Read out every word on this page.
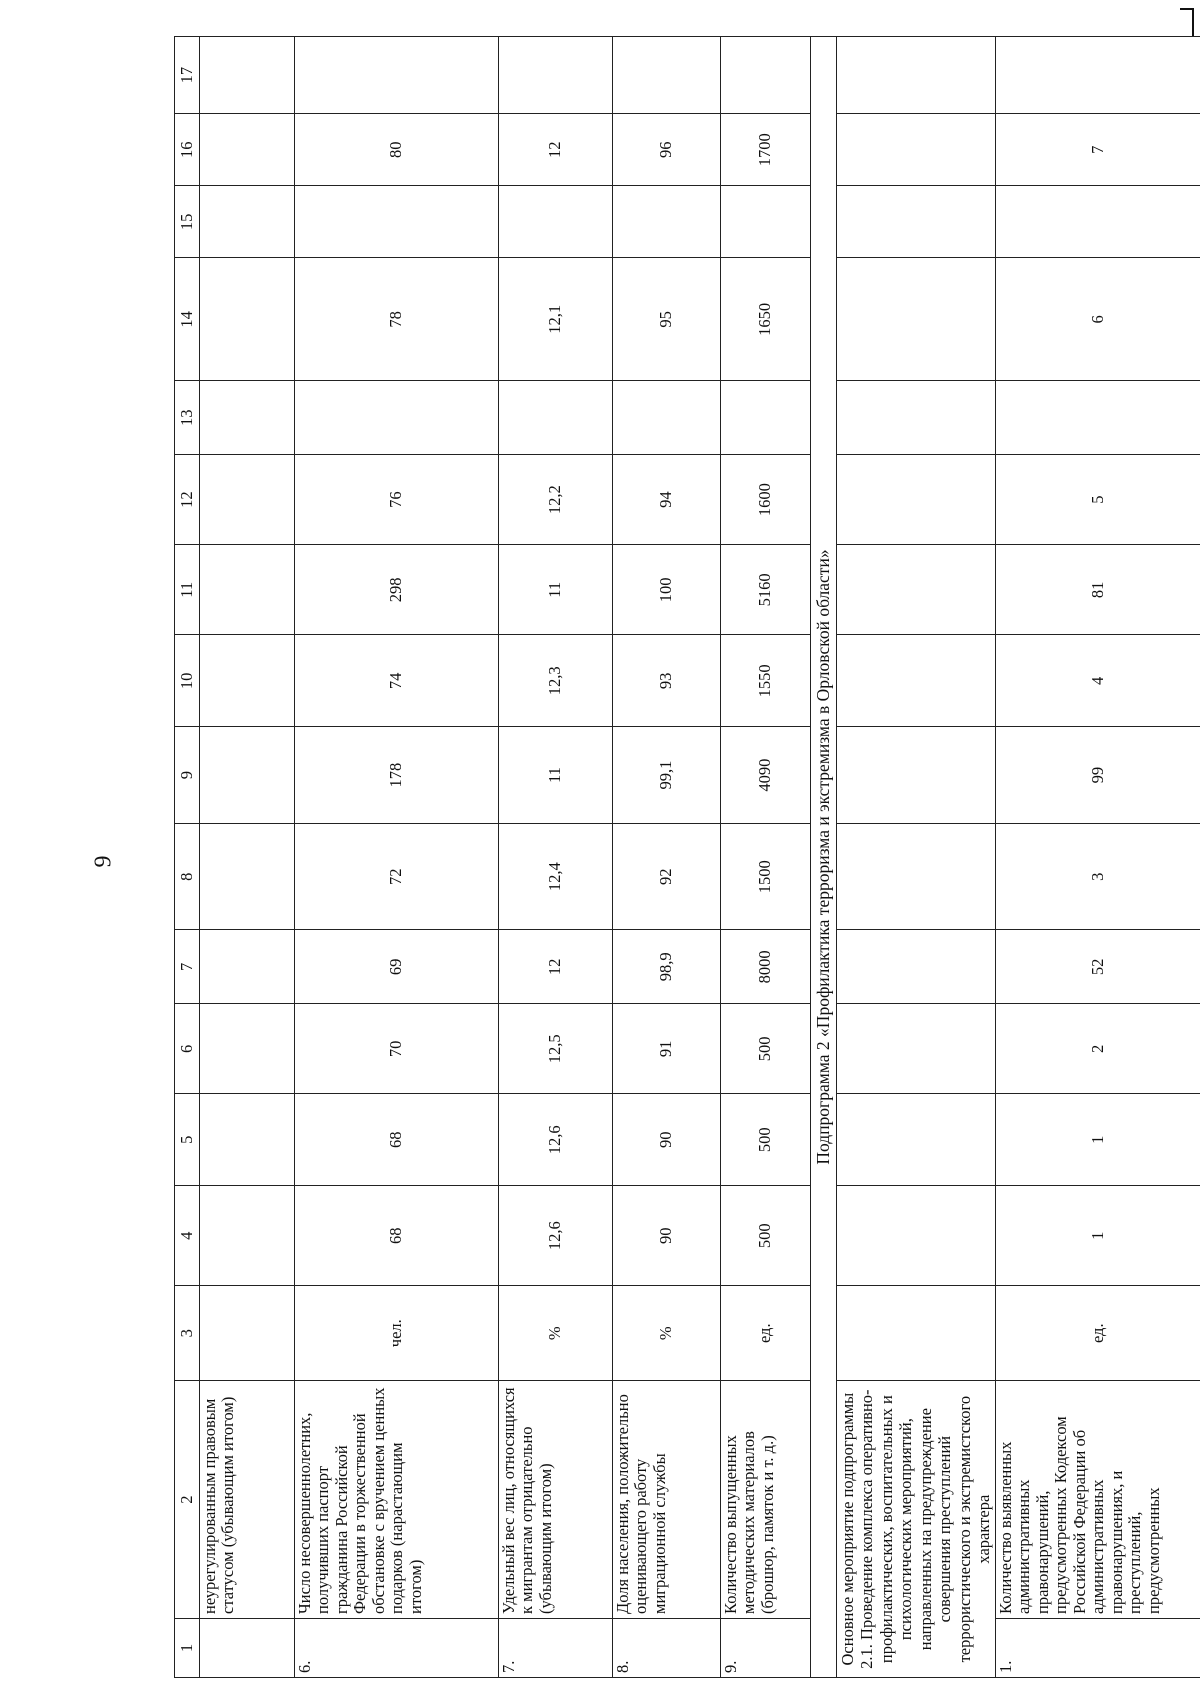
9
1	2	3	4	5	6	7	8	9	10	11	12	13	14	15	16	17
	неурегулированным правовым статусом (убывающим итогом)															
6.	Число несовершеннолетних, получивших паспорт гражданина Российской Федерации в торжественной обстановке с вручением ценных подарков (нарастающим итогом)	чел.	68	68	70	69	72	178	74	298	76		78		80	
7.	Удельный вес лиц, относящихся к мигрантам отрицательно (убывающим итогом)	%	12,6	12,6	12,5	12	12,4	11	12,3	11	12,2		12,1		12	
8.	Доля населения, положительно оценивающего работу миграционной службы	%	90	90	91	98,9	92	99,1	93	100	94		95		96	
9.	Количество выпущенных методических материалов (брошюр, памяток и т. д.)	ед.	500	500	500	8000	1500	4090	1550	5160	1600		1650		1700	
Подпрограмма 2 «Профилактика терроризма и экстремизма в Орловской области»																
Основное мероприятие подпрограммы 2.1. Проведение комплекса оперативно-профилактических, воспитательных и психологических мероприятий, направленных на предупреждение совершения преступлений террористического и экстремистского характера																
1.	Количество выявленных административных правонарушений, предусмотренных Кодексом Российской Федерации об административных правонарушениях, и преступлений, предусмотренных	ед.	1	1	2	52	3	99	4	81	5		6		7	
